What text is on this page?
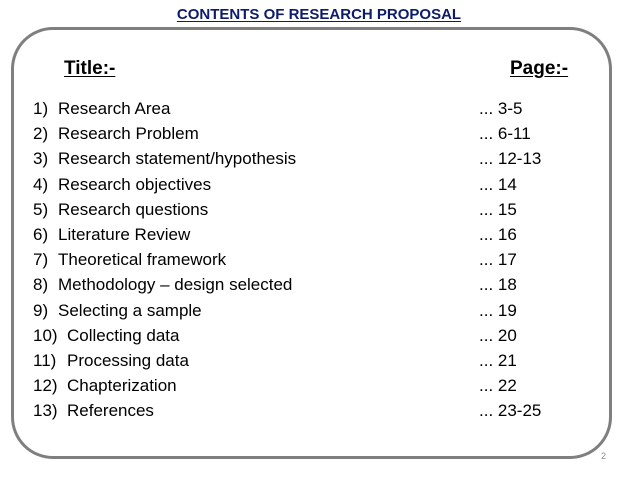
CONTENTS OF RESEARCH PROPOSAL
Title:-	Page:-
1) Research Area	... 3-5
2) Research Problem	... 6-11
3) Research statement/hypothesis	... 12-13
4) Research objectives	... 14
5) Research questions	... 15
6) Literature Review	... 16
7) Theoretical framework	... 17
8) Methodology – design selected	... 18
9) Selecting a sample	... 19
10) Collecting data	... 20
11) Processing data	... 21
12) Chapterization	... 22
13) References	... 23-25
2
